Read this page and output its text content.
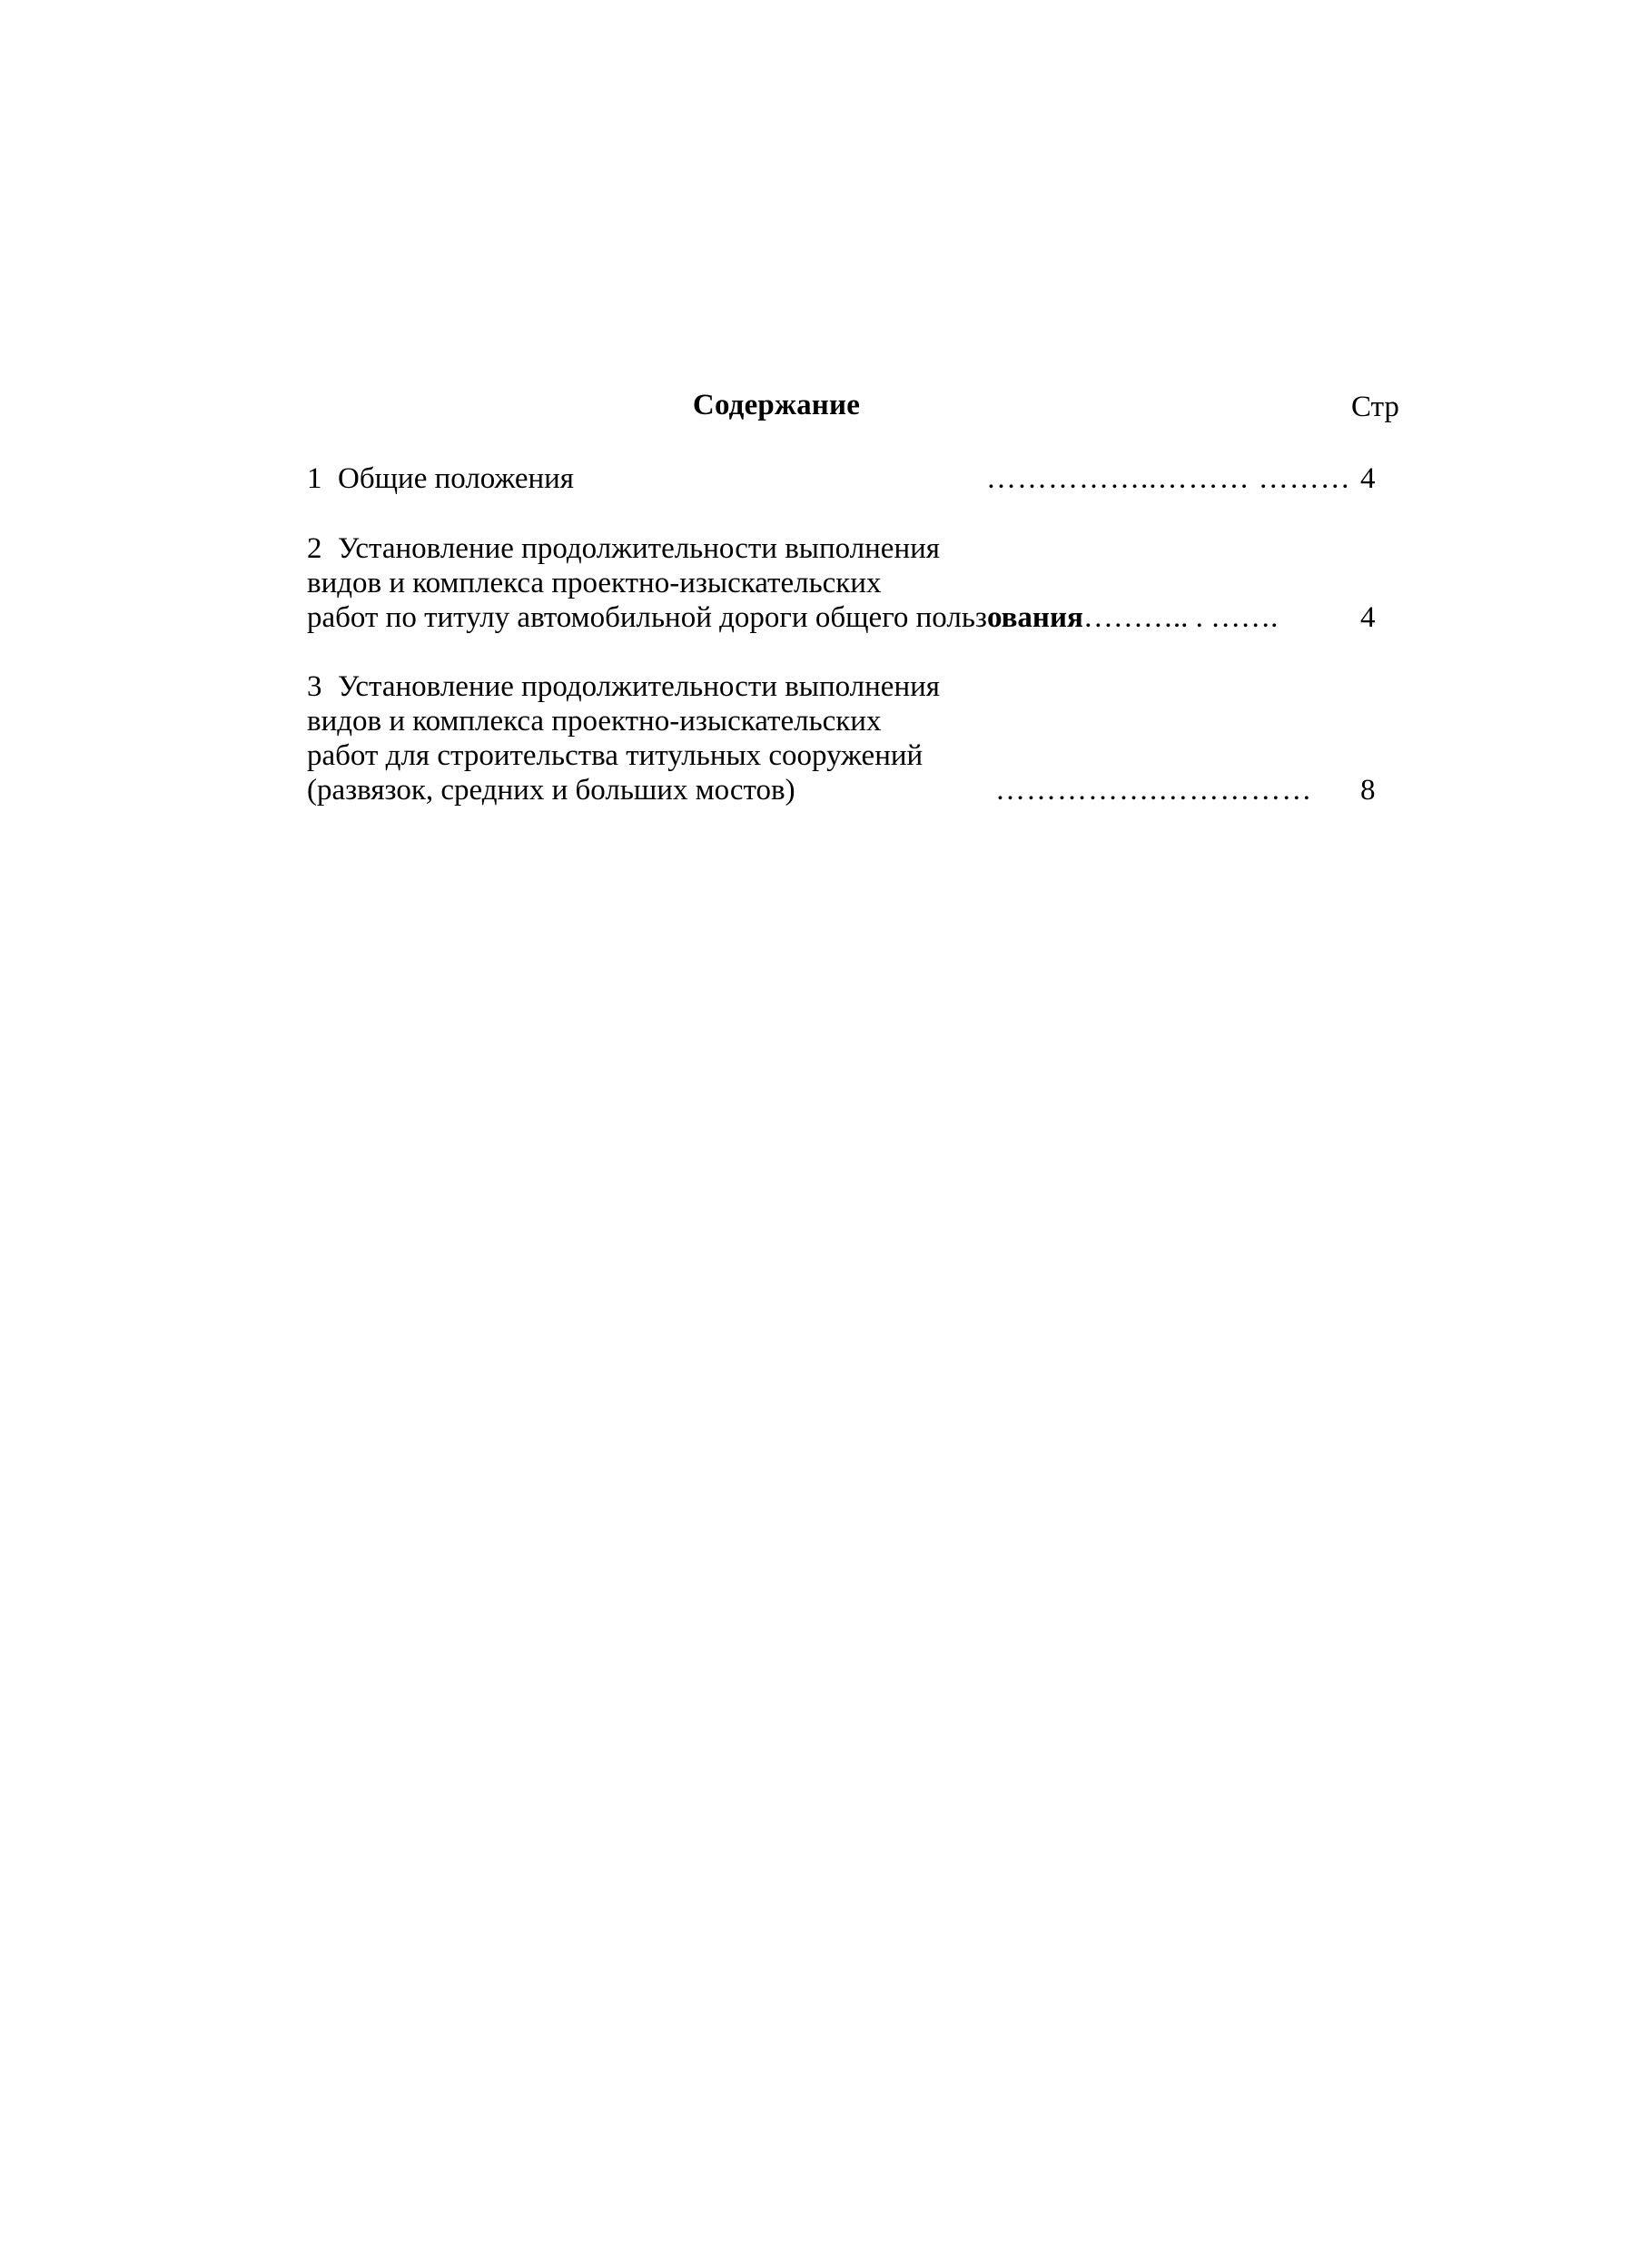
Содержание	Стр
1 Общие положения	……………..……… ……… 4
2 Установление продолжительности выполнения
видов и комплекса проектно-изыскательских
работ по титулу автомобильной дороги общего пользования……….. . …….	4
3 Установление продолжительности выполнения
видов и комплекса проектно-изыскательских
работ для строительства титульных сооружений
(развязок, средних и больших мостов)	…………….…………… 8
